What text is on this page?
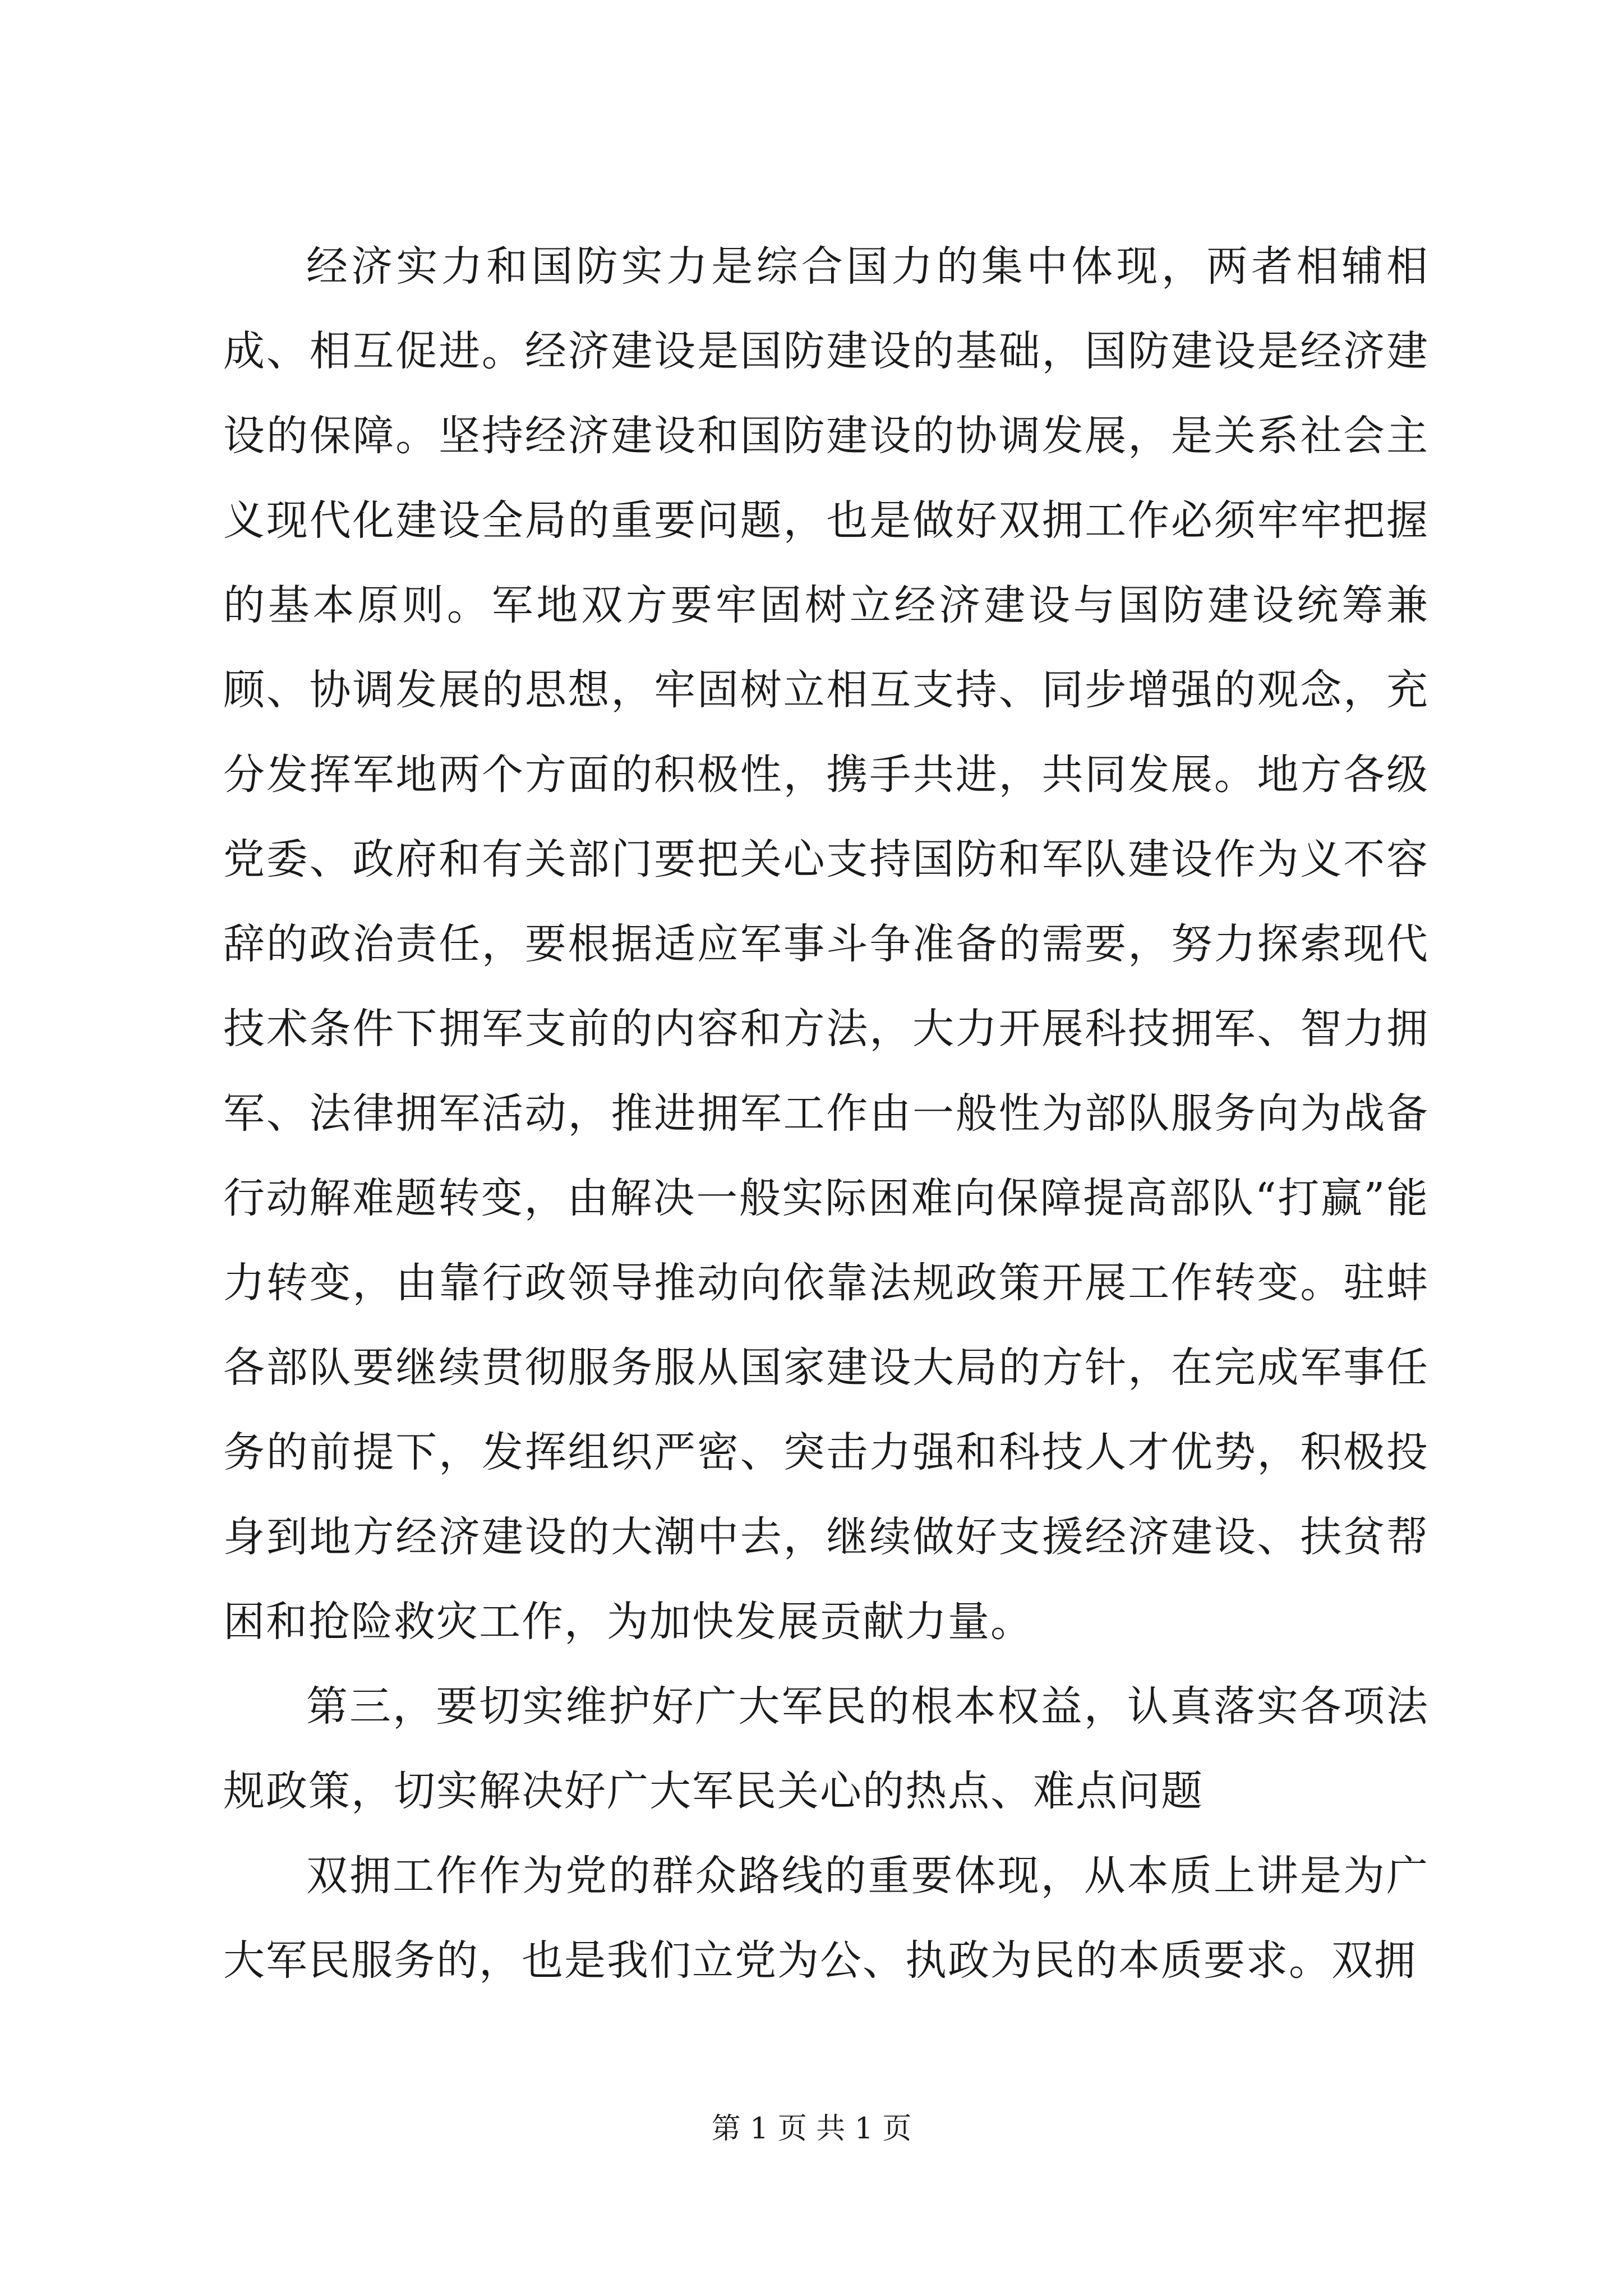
经济实力和国防实力是综合国力的集中体现，两者相辅相成、相互促进。经济建设是国防建设的基础，国防建设是经济建设的保障。坚持经济建设和国防建设的协调发展，是关系社会主义现代化建设全局的重要问题，也是做好双拥工作必须牢牢把握的基本原则。军地双方要牢固树立经济建设与国防建设统筹兼顾、协调发展的思想，牢固树立相互支持、同步增强的观念，充分发挥军地两个方面的积极性，携手共进，共同发展。地方各级党委、政府和有关部门要把关心支持国防和军队建设作为义不容辞的政治责任，要根据适应军事斗争准备的需要，努力探索现代技术条件下拥军支前的内容和方法，大力开展科技拥军、智力拥军、法律拥军活动，推进拥军工作由一般性为部队服务向为战备行动解难题转变，由解决一般实际困难向保障提高部队“打赢”能力转变，由靠行政领导推动向依靠法规政策开展工作转变。驻蚌各部队要继续贯彻服务服从国家建设大局的方针，在完成军事任务的前提下，发挥组织严密、突击力强和科技人才优势，积极投身到地方经济建设的大潮中去，继续做好支援经济建设、扶贫帮困和抢险救灾工作，为加快发展贡献力量。

第三，要切实维护好广大军民的根本权益，认真落实各项法规政策，切实解决好广大军民关心的热点、难点问题

双拥工作作为党的群众路线的重要体现，从本质上讲是为广大军民服务的，也是我们立党为公、执政为民的本质要求。双拥

第 1 页 共 1 页
